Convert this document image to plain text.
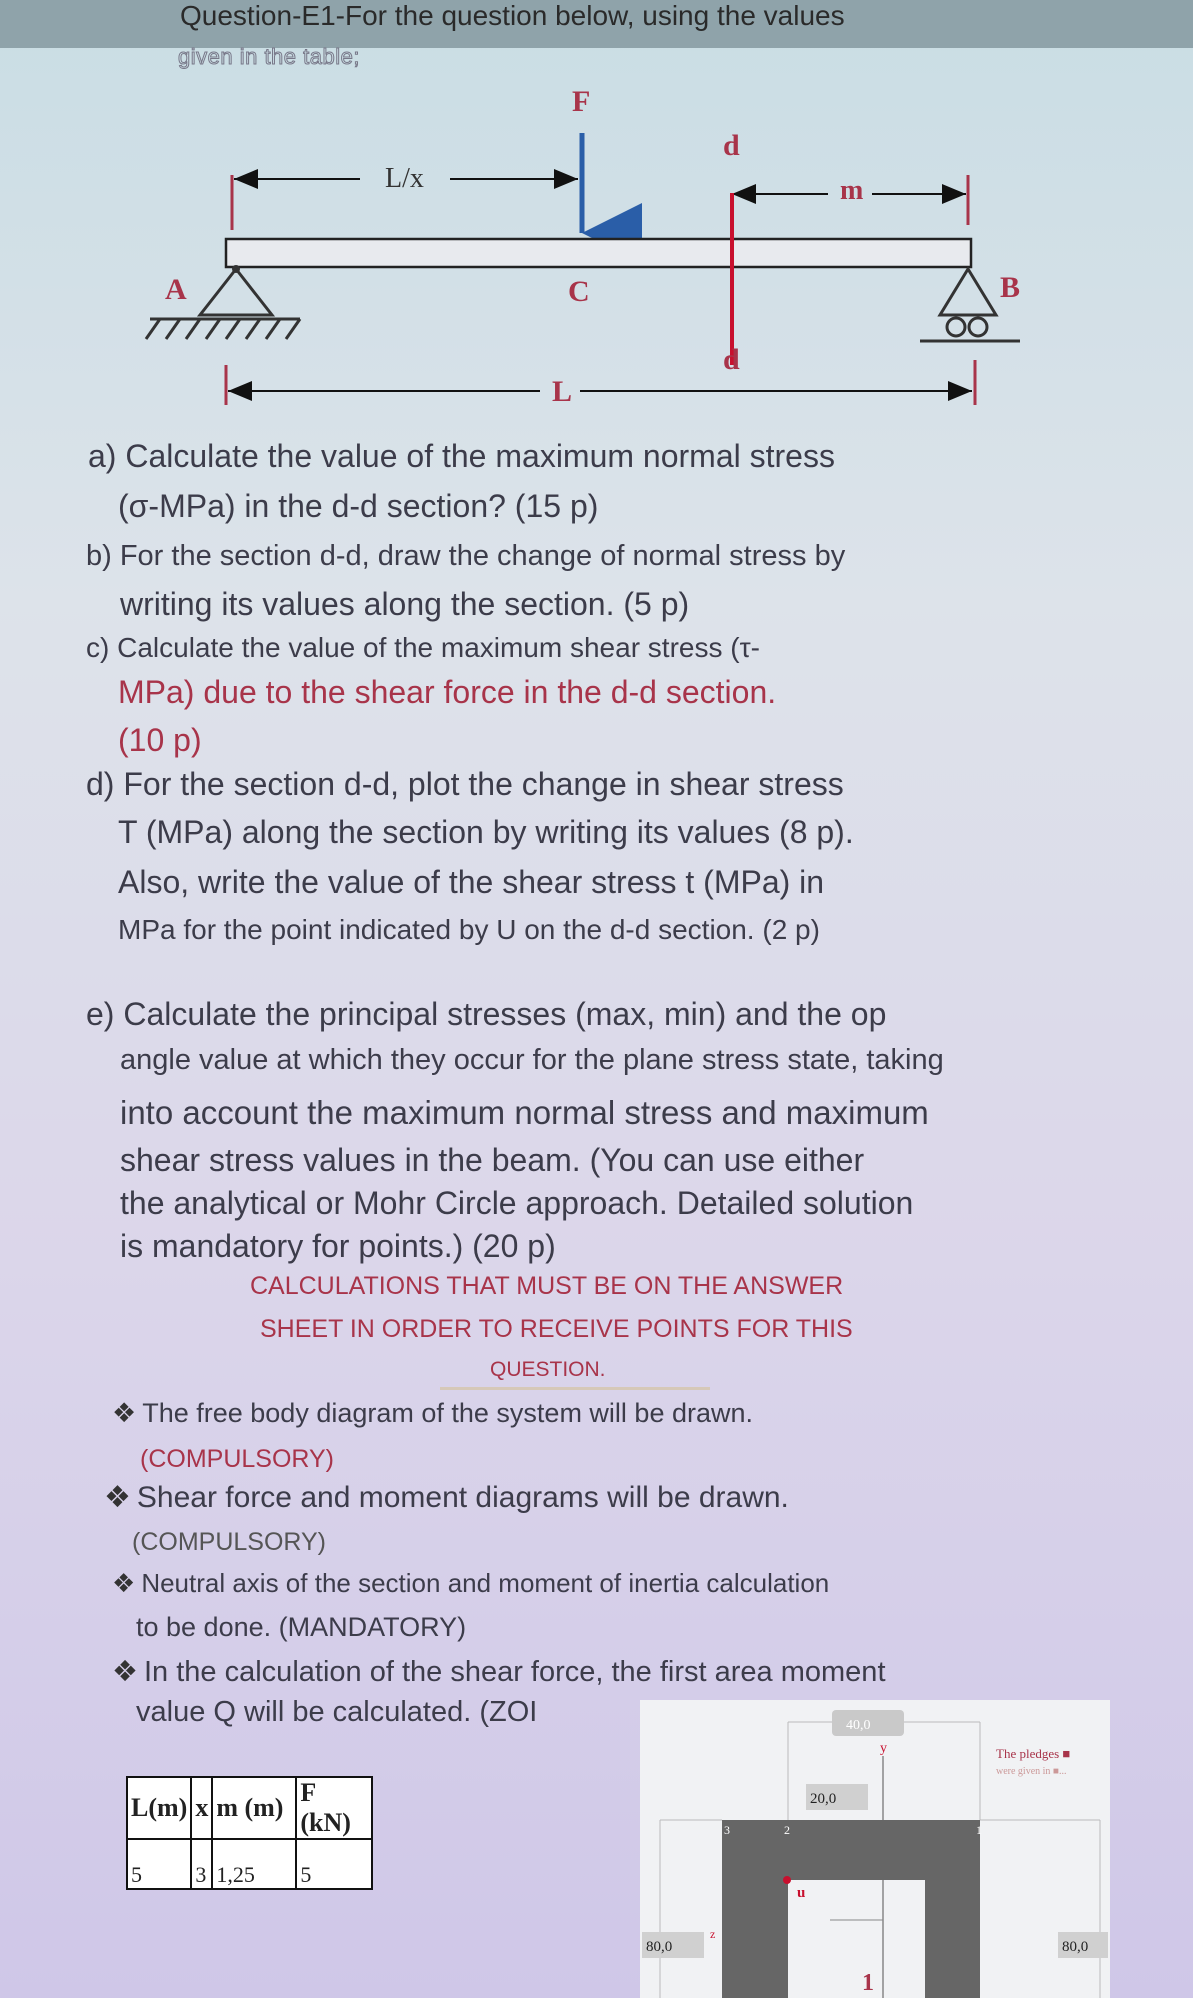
Question-E1-For the question below, using the values
given in the table;
F
L/x
d
m
A	C
d
B
L
a) Calculate the value of the maximum normal stress
(σ-MPa) in the d-d section? (15 p)
b) For the section d-d, draw the change of normal stress by
writing its values along the section. (5 p)
c) Calculate the value of the maximum shear stress (τ-
MPa) due to the shear force in the d-d section.
(10 p)
d) For the section d-d, plot the change in shear stress
T (MPa) along the section by writing its values (8 p).
Also, write the value of the shear stress t (MPa) in
MPa for the point indicated by U on the d-d section. (2 p)
e) Calculate the principal stresses (max, min) and the op
angle value at which they occur for the plane stress state, taking
into account the maximum normal stress and maximum
shear stress values in the beam. (You can use either
the analytical or Mohr Circle approach. Detailed solution
is mandatory for points.) (20 p)
CALCULATIONS THAT MUST BE ON THE ANSWER
SHEET IN ORDER TO RECEIVE POINTS FOR THIS
QUESTION.
❖ The free body diagram of the system will be drawn.
(COMPULSORY)
❖ Shear force and moment diagrams will be drawn.
(COMPULSORY)
❖ Neutral axis of the section and moment of inertia calculation
to be done. (MANDATORY)
❖ In the calculation of the shear force, the first area moment
value Q will be calculated. (ZOI
L(m)	x	m (m)	F (kN)
5	3	1,25	5
40,0
y
20,0
3	2	1
u
z
80,0	80,0
1
The pledges ■
were given in ■...
